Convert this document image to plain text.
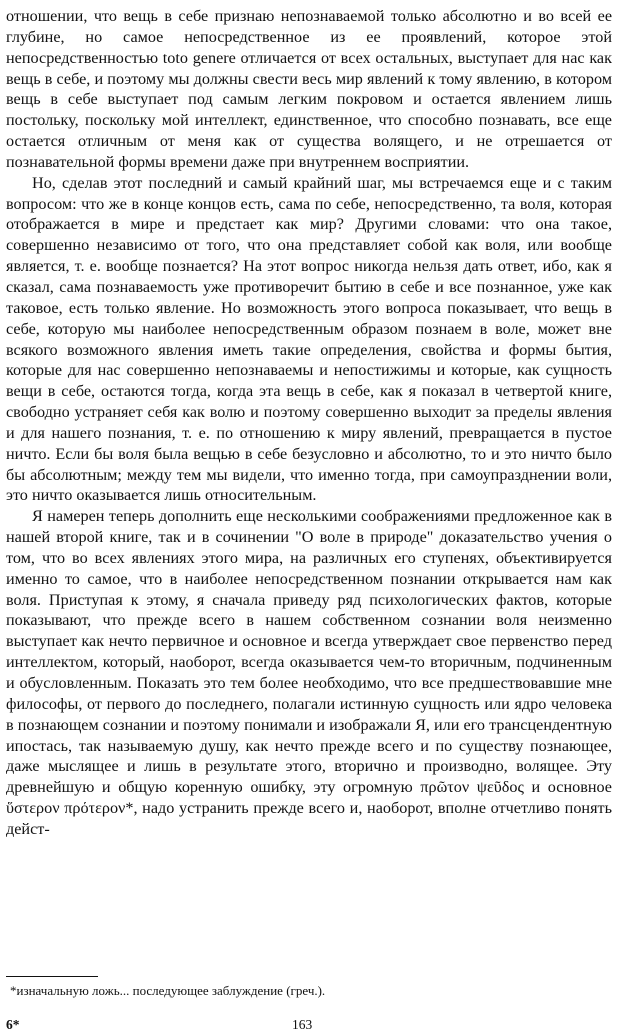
отношении, что вещь в себе признаю непознаваемой только абсолютно и во всей ее глубине, но самое непосредственное из ее проявлений, которое этой непосредственностью toto genere отличается от всех остальных, выступает для нас как вещь в себе, и поэтому мы должны свести весь мир явлений к тому явлению, в котором вещь в себе выступает под самым легким покровом и остается явлением лишь постольку, поскольку мой интеллект, единственное, что способно познавать, все еще остается отличным от меня как от существа волящего, и не отрешается от познавательной формы времени даже при внутреннем восприятии.

Но, сделав этот последний и самый крайний шаг, мы встречаемся еще и с таким вопросом: что же в конце концов есть, сама по себе, непосредственно, та воля, которая отображается в мире и предстает как мир? Другими словами: что она такое, совершенно независимо от того, что она представляет собой как воля, или вообще является, т. е. вообще познается? На этот вопрос никогда нельзя дать ответ, ибо, как я сказал, сама познаваемость уже противоречит бытию в себе и все познанное, уже как таковое, есть только явление. Но возможность этого вопроса показывает, что вещь в себе, которую мы наиболее непосредственным образом познаем в воле, может вне всякого возможного явления иметь такие определения, свойства и формы бытия, которые для нас совершенно непознаваемы и непостижимы и которые, как сущность вещи в себе, остаются тогда, когда эта вещь в себе, как я показал в четвертой книге, свободно устраняет себя как волю и поэтому совершенно выходит за пределы явления и для нашего познания, т. е. по отношению к миру явлений, превращается в пустое ничто. Если бы воля была вещью в себе безусловно и абсолютно, то и это ничто было бы абсолютным; между тем мы видели, что именно тогда, при самоупразднении воли, это ничто оказывается лишь относительным.

Я намерен теперь дополнить еще несколькими соображениями предложенное как в нашей второй книге, так и в сочинении "О воле в природе" доказательство учения о том, что во всех явлениях этого мира, на различных его ступенях, объективируется именно то самое, что в наиболее непосредственном познании открывается нам как воля. Приступая к этому, я сначала приведу ряд психологических фактов, которые показывают, что прежде всего в нашем собственном сознании воля неизменно выступает как нечто первичное и основное и всегда утверждает свое первенство перед интеллектом, который, наоборот, всегда оказывается чем-то вторичным, подчиненным и обусловленным. Показать это тем более необходимо, что все предшествовавшие мне философы, от первого до последнего, полагали истинную сущность или ядро человека в познающем сознании и поэтому понимали и изображали Я, или его трансцендентную ипостась, так называемую душу, как нечто прежде всего и по существу познающее, даже мыслящее и лишь в результате этого, вторично и производно, волящее. Эту древнейшую и общую коренную ошибку, эту огромную πρῶτον ψεῦδος и основное ὕστερον πρότερον*, надо устранить прежде всего и, наоборот, вполне отчетливо понять дейст-

*изначальную ложь... последующее заблуждение (греч.).
6*	163
